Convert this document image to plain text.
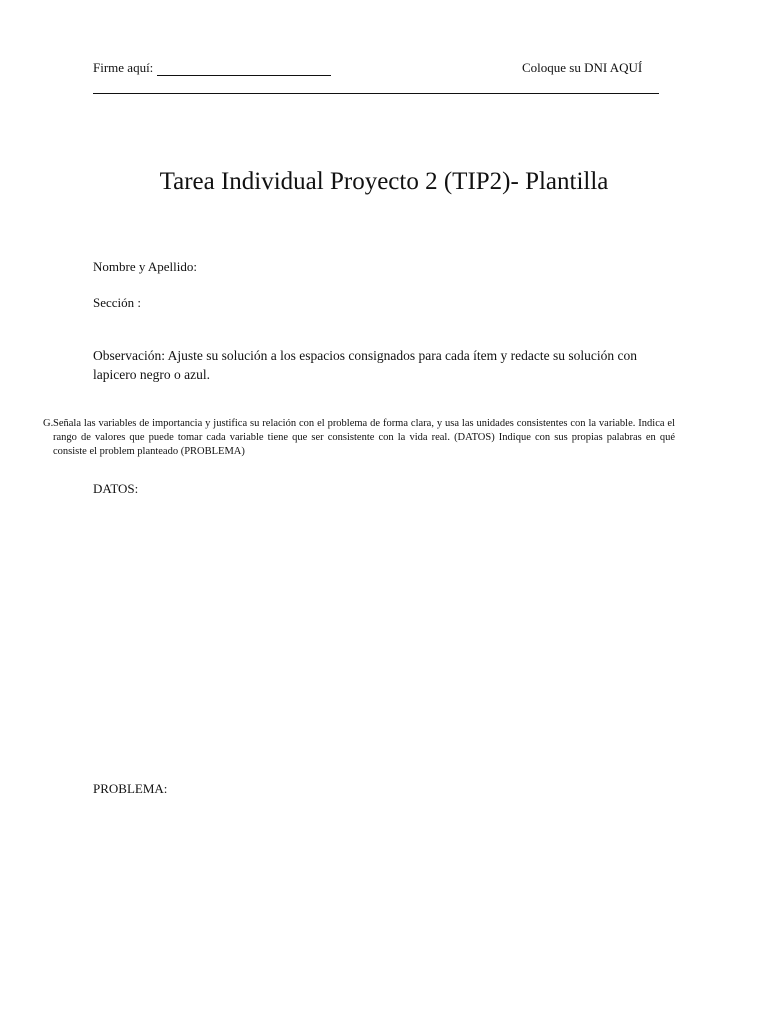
Firme aquí:	Coloque su DNI AQUÍ
Tarea Individual Proyecto 2 (TIP2)- Plantilla
Nombre y Apellido:
Sección :
Observación: Ajuste su solución a los espacios consignados para cada ítem y redacte su solución con lapicero negro o azul.
G. Señala las variables de importancia y justifica su relación con el problema de forma clara, y usa las unidades consistentes con la variable. Indica el rango de valores que puede tomar cada variable tiene que ser consistente con la vida real. (DATOS) Indique con sus propias palabras en qué consiste el problem planteado (PROBLEMA)
DATOS:
PROBLEMA:
